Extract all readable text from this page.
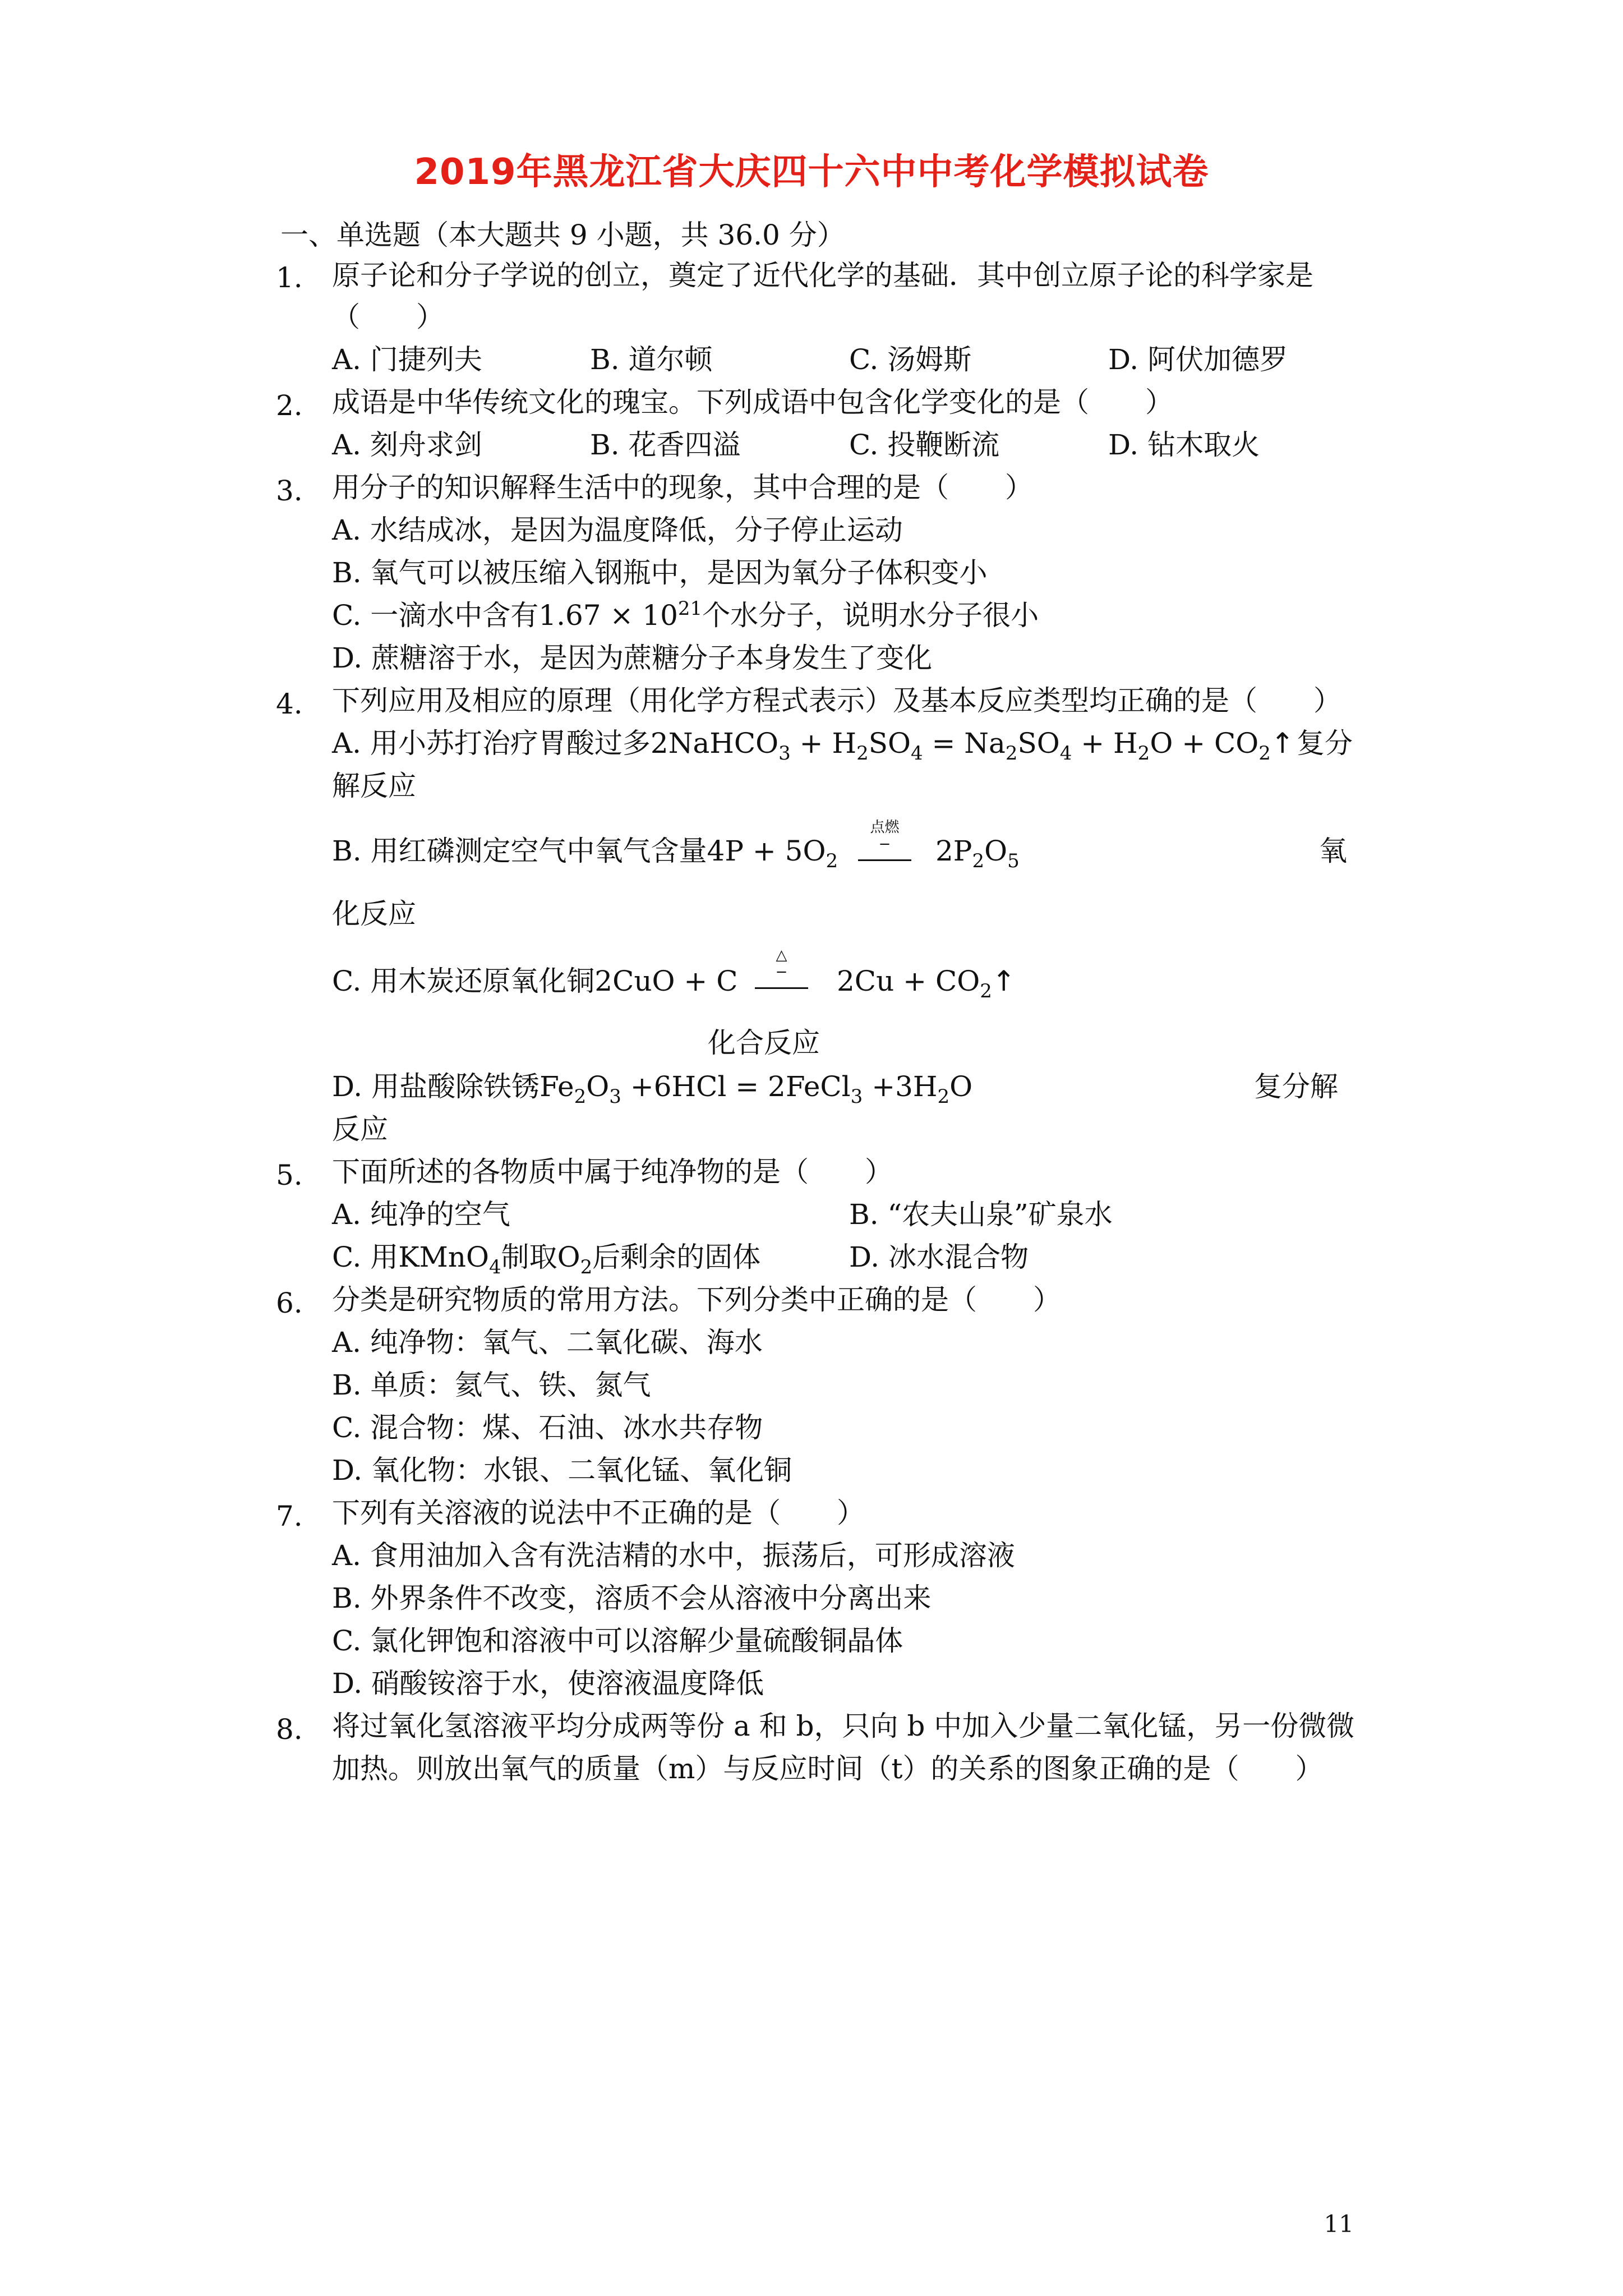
2019年黑龙江省大庆四十六中中考化学模拟试卷
一、单选题（本大题共 9 小题，共 36.0 分）
1. 原子论和分子学说的创立，奠定了近代化学的基础．其中创立原子论的科学家是
（　　）
A. 门捷列夫	B. 道尔顿	C. 汤姆斯	D. 阿伏加德罗
2. 成语是中华传统文化的瑰宝。下列成语中包含化学变化的是（　　）
A. 刻舟求剑	B. 花香四溢	C. 投鞭断流	D. 钻木取火
3. 用分子的知识解释生活中的现象，其中合理的是（　　）
A. 水结成冰，是因为温度降低，分子停止运动
B. 氧气可以被压缩入钢瓶中，是因为氧分子体积变小
C. 一滴水中含有$1.67 \times 10^{21}$个水分子，说明水分子很小
D. 蔗糖溶于水，是因为蔗糖分子本身发生了变化
4. 下列应用及相应的原理（用化学方程式表示）及基本反应类型均正确的是（　　）
A. 用小苏打治疗胃酸过多2NaHCO$_3$ + $H_2SO_4 = Na_2SO_4 + H_2O$ + $CO_2↑$ 复分
解反应
B. 用红磷测定空气中氧气含量$4P + 5O_2$
点燃
−	$2P_2O_5$	氧
化反应
C. 用木炭还原氧化铜2CuO + C
△
−	$2Cu + CO_2↑$
化合反应
D. 用盐酸除铁锈$Fe_2O_3 +6HCl$ = 2FeCl$_3$ $+3H_2O$	复分解
反应
5. 下面所述的各物质中属于纯净物的是（　　）
A. 纯净的空气	B. “农夫山泉”矿泉水
C. 用KMnO$_4$制取$O_2$后剩余的固体	D. 冰水混合物
6. 分类是研究物质的常用方法。下列分类中正确的是（　　）
A. 纯净物：氧气、二氧化碳、海水
B. 单质：氦气、铁、氮气
C. 混合物：煤、石油、冰水共存物
D. 氧化物：水银、二氧化锰、氧化铜
7. 下列有关溶液的说法中不正确的是（　　）
A. 食用油加入含有洗洁精的水中，振荡后，可形成溶液
B. 外界条件不改变，溶质不会从溶液中分离出来
C. 氯化钾饱和溶液中可以溶解少量硫酸铜晶体
D. 硝酸铵溶于水，使溶液温度降低
8. 将过氧化氢溶液平均分成两等份 a 和 b，只向 b 中加入少量二氧化锰，另一份微微
加热。则放出氧气的质量（m）与反应时间（t）的关系的图象正确的是（　　）
11
